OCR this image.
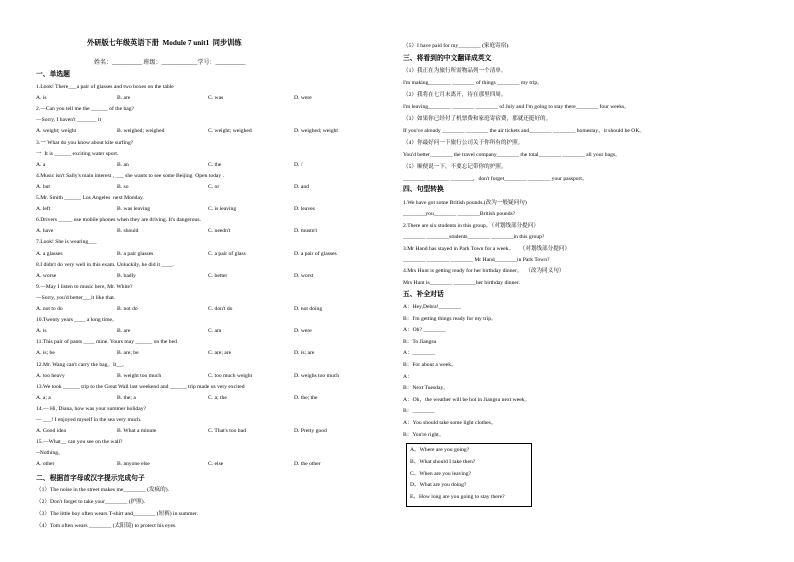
外研版七年级英语下册  Module 7 unit1  同步训练
姓名：__________ 班级：____________学号：__________
一、单选题
1.Look! There___a pair of glasses and two boxes on the table
A. is	B. are	C. was	D. were
2.—Can you tell me the ______ of the bag?
—Sorry, I haven't _______ it
A. weight; weight	B. weighed; weighed	C. weight; weighed	D. weighed; weight
3.一 What do you know about kite surfing?
一  It is ______ exciting water sport.
A. a	B. an	C. the	D. /
4.Music isn't Sally's main interest , ___ she wants to see some Beijing  Open today .
A. but	B. so	C. or	D. and
5.Mr. Smith ______ Los Angeles  next Monday.
A. left	B. was leaving	C. is leaving	D. leaves
6.Drivers _____ use mobile phones when they are driving. It's dangerous.
A. have	B. should	C. needn't	D. mustn't
7.Look! She is wearing___
A. a glasses	B. a pair glasses	C. a pair of glass	D. a pair of glasses
8.I didn't do very well in this exam. Unluckily, he did it ____.
A. worse	B. badly	C. better	D. worst
9.—May I listen to music here, Mr. White?
—Sorry, you'd better___it like that.
A. not to do	B. not do	C. don't do	D. not doing
10.Twenty years ____ a long time。
A. is	B. are	C. am	D. were
11.This pair of pants ____ mine. Yours may ______ on the bed
A. is; be	B. are; be	C. are; are	D. is; are
12.Mr. Wang can't carry the bag。It__。
A. too heavy	B. weight too much	C. too much weight	D. weighs too much
13.We took ______ trip to the Great Wall last weekend and ______ trip made us very excited
A. a; a	B. the; a	C. a; the	D. the; the
14.— Hi, Diana, how was your summer holiday?
— ___! I enjoyed myself in the sea very much.
A. Good idea	B. What a minute	C. That's too bad	D. Pretty good
15.—What__ can you see on the wall?
--Nothing。
A. other	B. anyone else	C. else	D. the other
二、根据首字母或汉字提示完成句子
（1）The noise in the street makes me________ (发疯的).
（2）Don't forget to take your________ (护照).
（3）The little boy often wears T-shirt and________ (短裤) in summer.
（4）Tom often wears ________ (太阳镜) to protect his eyes.
（5）I have paid for my________ (家庭寄宿).
三、将看到的中文翻译成英文
（1）我正在为旅行所需物品列一个清单。
I'm making________ ________ of things ________ my trip。
（2）我将在七月末离开，待在那里四周。
I'm leaving________ ________ ________ of July and I'm going to stay there________ four weeks。
（3）如果你已经付了机票费和家庭寄宿费，那就还挺好的。
If you've already ________ ________ the air tickets and________ ________ homestay，it should be OK。
（4）你最好问一下旅行公司关于你所有的护照。
You'd better________ the travel company________ the total________ ________ all your bags。
（5）顺便说一下，不要忘记带你的护照。
________ ________ ________，don't forget________ ________ your passport。
四、句型转换
1.We have got some British pounds.(改为一般疑问句)
________you________ ________British pounds?
2.There are six students in this group。（对划线部分提问）
________ ________students________ ________in this group?
3.Mr Hand has stayed in Park Town for a week。    （对划线部分提问）
________ ________ ________ Mr Hand________in Park Town?
4.Mrs Hunt is getting ready for her birthday dinner。  （改为同义句）
Mrs Hunt is________ ________her birthday dinner.
五、补全对话
A：Hey,Debra!________
B：I'm getting things ready for my trip。
A：Oh? ________
B：To Jiangsu
A：________
B：For about a week。
A：
B：Next Tuesday。
A：Oh，the weather will be hot in Jiangsu next week。
B：________
A：You should take some light clothes。
B：You're right。
A、Where are you going?
B、What should I take then?
C、When are you leaving?
D、What are you doing?
E、How long are you going to stay there?
